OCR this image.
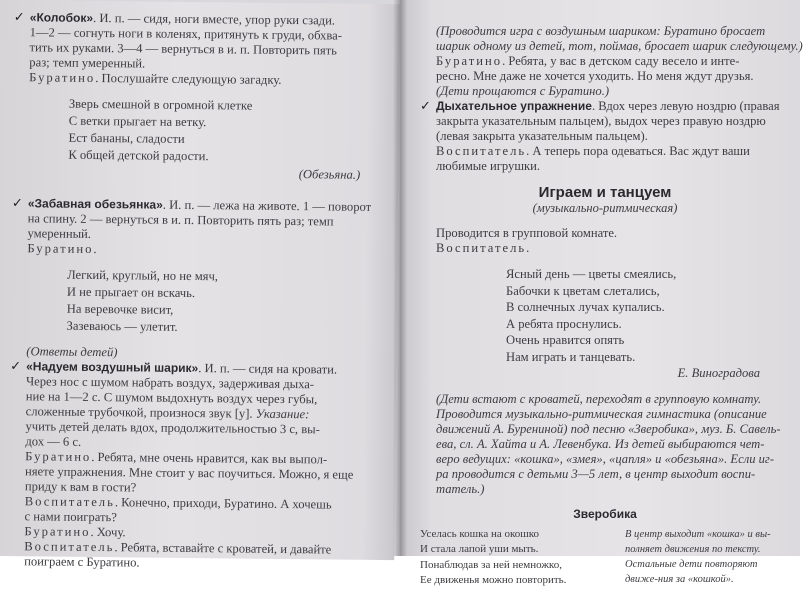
✓ «Колобок». И. п. — сидя, ноги вместе, упор руки сзади.

1—2 — согнуть ноги в коленях, притянуть к груди, обхва-

тить их руками. 3—4 — вернуться в и. п. Повторить пять

раз; темп умеренный.

Буратино. Послушайте следующую загадку.

Зверь смешной в огромной клетке

С ветки прыгает на ветку.

Ест бананы, сладости

К общей детской радости.

(Обезьяна.)

✓ «Забавная обезьянка». И. п. — лежа на животе. 1 — поворот

на спину. 2 — вернуться в и. п. Повторить пять раз; темп

умеренный.

Буратино.

Легкий, круглый, но не мяч,

И не прыгает он вскачь.

На веревочке висит,

Зазеваюсь — улетит.

(Ответы детей)

✓ «Надуем воздушный шарик». И. п. — сидя на кровати.

Через нос с шумом набрать воздух, задерживая дыха-

ние на 1—2 с. С шумом выдохнуть воздух через губы,

сложенные трубочкой, произнося звук [у]. Указание:

учить детей делать вдох, продолжительностью 3 с, вы-

дох — 6 с.

Буратино. Ребята, мне очень нравится, как вы выпол-

няете упражнения. Мне стоит у вас поучиться. Можно, я еще

приду к вам в гости?

Воспитатель. Конечно, приходи, Буратино. А хочешь

с нами поиграть?

Буратино. Хочу.

Воспитатель. Ребята, вставайте с кроватей, и давайте

поиграем с Буратино.

(Проводится игра с воздушным шариком: Буратино бросает

шарик одному из детей, тот, поймав, бросает шарик следующему.)

Буратино. Ребята, у вас в детском саду весело и инте-

ресно. Мне даже не хочется уходить. Но меня ждут друзья.

(Дети прощаются с Буратино.)

✓ Дыхательное упражнение. Вдох через левую ноздрю (правая

закрыта указательным пальцем), выдох через правую ноздрю

(левая закрыта указательным пальцем).

Воспитатель. А теперь пора одеваться. Вас ждут ваши

любимые игрушки.

Играем и танцуем
(музыкально-ритмическая)

Проводится в групповой комнате.

Воспитатель.

Ясный день — цветы смеялись,

Бабочки к цветам слетались,

В солнечных лучах купались.

А ребята проснулись.

Очень нравится опять

Нам играть и танцевать.

Е. Виноградова

(Дети встают с кроватей, переходят в групповую комнату.

Проводится музыкально-ритмическая гимнастика (описание

движений А. Бурениной) под песню «Зверобика», муз. Б. Савель-

ева, сл. А. Хайта и А. Левенбука. Из детей выбираются чет-

веро ведущих: «кошка», «змея», «цапля» и «обезьяна». Если иг-

ра проводится с детьми 3—5 лет, в центр выходит воспи-

татель.)

Зверобика

Уселась кошка на окошко

И стала лапой уши мыть.

Понаблюдав за ней немножко,

Ее движенья можно повторить.

В центр выходит «кошка» и вы-полняет движения по тексту. Остальные дети повторяют движе-ния за «кошкой».
